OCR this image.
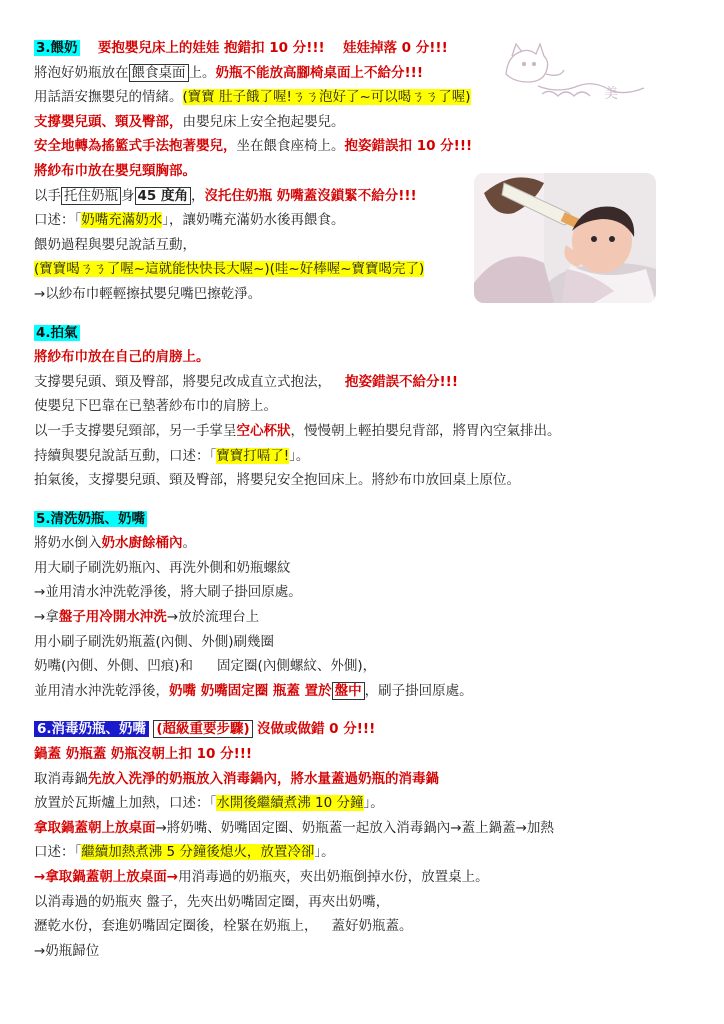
美
3.餵奶 要抱嬰兒床上的娃娃 抱錯扣 10 分!!! 娃娃掉落 0 分!!!
將泡好奶瓶放在 餵食桌面 上。奶瓶不能放高腳椅桌面上不給分!!!
用話語安撫嬰兒的情緒。(寶寶 肚子餓了喔!ㄋㄋ泡好了~可以喝ㄋㄋ了喔)
支撐嬰兒頭、頸及臀部，由嬰兒床上安全抱起嬰兒。
安全地轉為搖籃式手法抱著嬰兒，坐在餵食座椅上。抱姿錯誤扣 10 分!!!
將紗布巾放在嬰兒頸胸部。
以手 托住奶瓶 身 45 度角 ，沒托住奶瓶 奶嘴蓋沒鎖緊不給分!!!
口述：「奶嘴充滿奶水」，讓奶嘴充滿奶水後再餵食。
餵奶過程與嬰兒說話互動，
(寶寶喝ㄋㄋ了喔~這就能快快長大喔~)(哇~好棒喔~寶寶喝完了)
→以紗布巾輕輕擦拭嬰兒嘴巴擦乾淨。
4.拍氣
將紗布巾放在自己的肩膀上。
支撐嬰兒頭、頸及臀部，將嬰兒改成直立式抱法， 抱姿錯誤不給分!!!
使嬰兒下巴靠在已墊著紗布巾的肩膀上。
以一手支撐嬰兒頸部，另一手掌呈空心杯狀，慢慢朝上輕拍嬰兒背部，將胃內空氣排出。
持續與嬰兒說話互動，口述：「寶寶打嗝了!」。
拍氣後，支撐嬰兒頭、頸及臀部，將嬰兒安全抱回床上。將紗布巾放回桌上原位。
5.清洗奶瓶、奶嘴
將奶水倒入奶水廚餘桶內。
用大刷子刷洗奶瓶內、再洗外側和奶瓶螺紋
→並用清水沖洗乾淨後，將大刷子掛回原處。
→拿盤子用冷開水沖洗→放於流理台上
用小刷子刷洗奶瓶蓋(內側、外側)刷幾圈
奶嘴(內側、外側、凹痕)和 固定圈(內側螺紋、外側)，
並用清水沖洗乾淨後，奶嘴 奶嘴固定圈 瓶蓋 置於 盤中 ，刷子掛回原處。
6.消毒奶瓶、奶嘴 (超級重要步驟) 沒做或做錯 0 分!!!
鍋蓋 奶瓶蓋 奶瓶沒朝上扣 10 分!!!
取消毒鍋先放入洗淨的奶瓶放入消毒鍋內，將水量蓋過奶瓶的消毒鍋
放置於瓦斯爐上加熱，口述：「水開後繼續煮沸 10 分鐘」。
拿取鍋蓋朝上放桌面→將奶嘴、奶嘴固定圈、奶瓶蓋一起放入消毒鍋內→蓋上鍋蓋→加熱
口述：「繼續加熱煮沸 5 分鐘後熄火，放置冷卻」。
→拿取鍋蓋朝上放桌面→用消毒過的奶瓶夾，夾出奶瓶倒掉水份，放置桌上。
以消毒過的奶瓶夾 盤子，先夾出奶嘴固定圈，再夾出奶嘴，
瀝乾水份，套進奶嘴固定圈後，栓緊在奶瓶上， 蓋好奶瓶蓋。
→奶瓶歸位
